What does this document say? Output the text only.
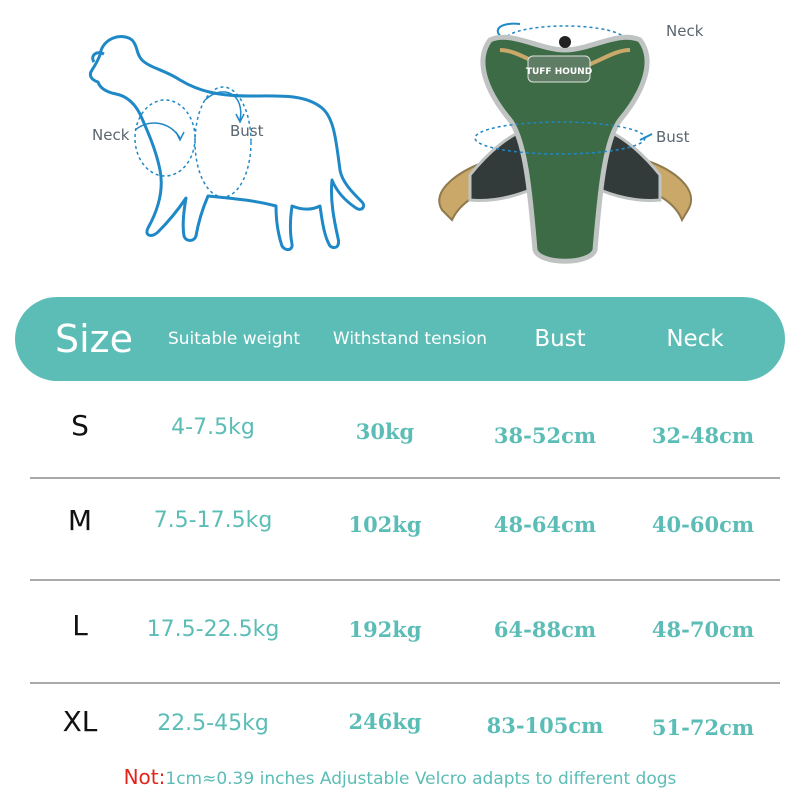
Neck	Bust
TUFF HOUND
Neck
Bust
Size	Suitable weight	Withstand tension	Bust	Neck
S	4-7.5kg	30kg	38-52cm	32-48cm
M	7.5-17.5kg	102kg	48-64cm	40-60cm
L	17.5-22.5kg	192kg	64-88cm	48-70cm
XL	22.5-45kg	246kg	83-105cm	51-72cm
Not:1cm≈0.39 inches Adjustable Velcro adapts to different dogs
